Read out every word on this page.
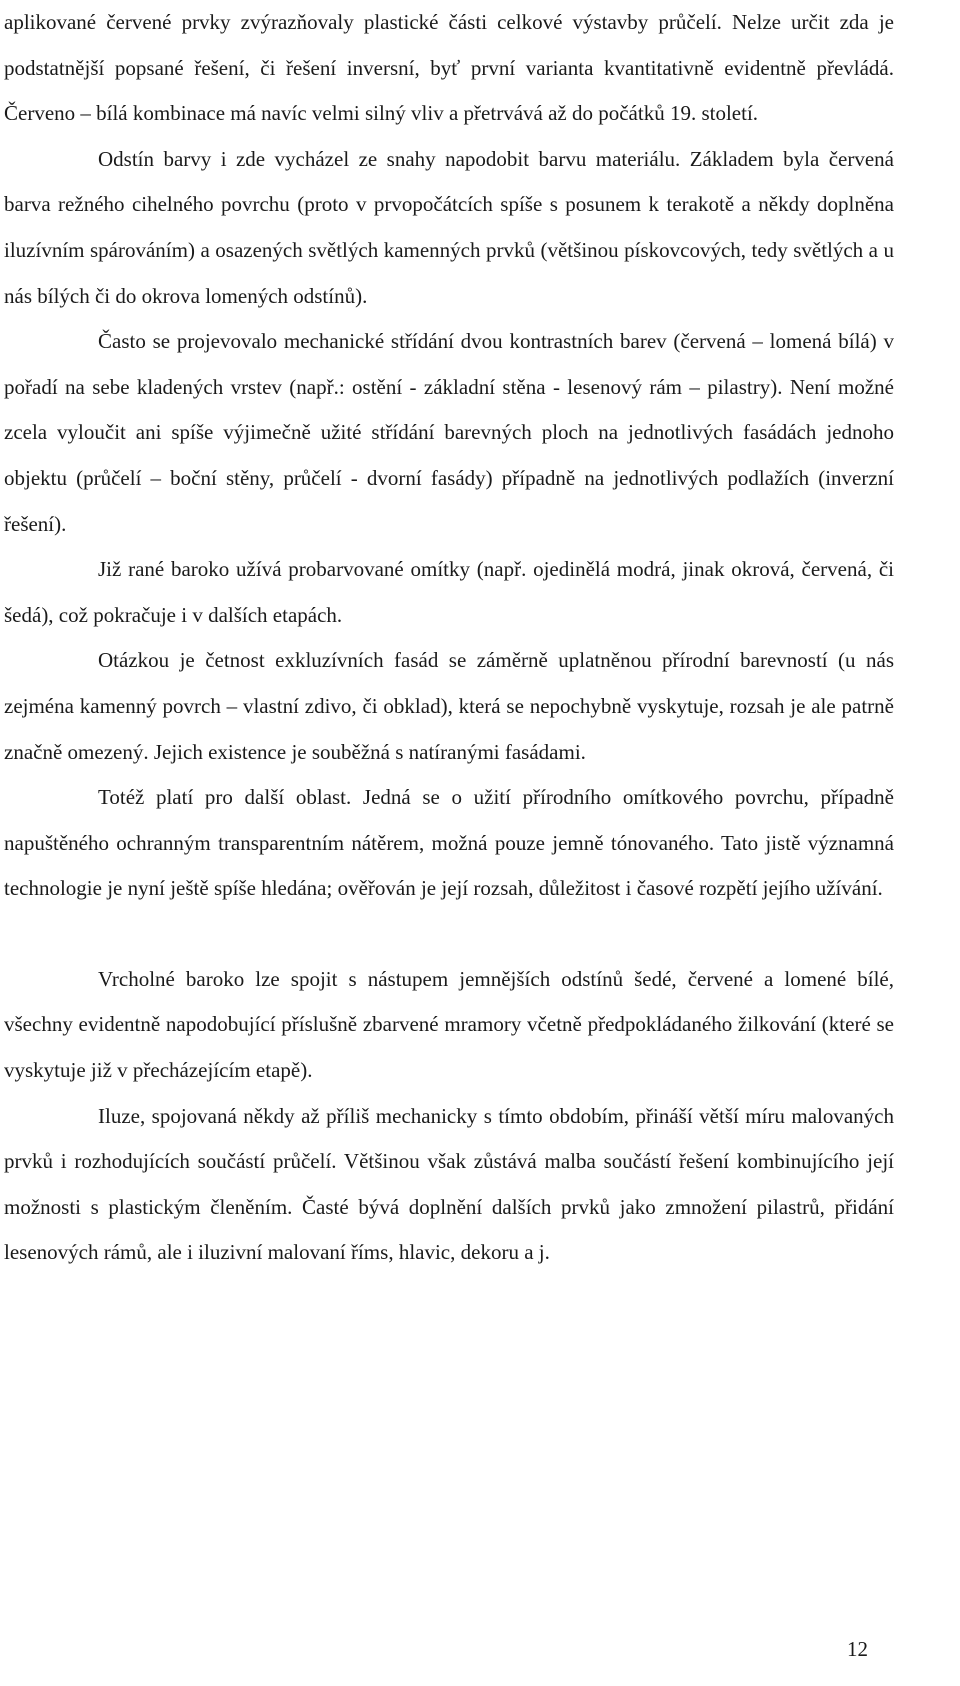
aplikované červené prvky zvýrazňovaly plastické části celkové výstavby průčelí. Nelze určit zda je podstatnější popsané řešení, či řešení inversní, byť první varianta kvantitativně evidentně převládá. Červeno – bílá kombinace má navíc velmi silný vliv a přetrvává až do počátků 19. století.

Odstín barvy i zde vycházel ze snahy napodobit barvu materiálu. Základem byla červená barva režného cihelného povrchu (proto v prvopočátcích spíše s posunem k terakotě a někdy doplněna iluzívním spárováním) a osazených světlých kamenných prvků (většinou pískovcových, tedy světlých a u nás bílých či do okrova lomených odstínů).

Často se projevovalo mechanické střídání dvou kontrastních barev (červená – lomená bílá) v pořadí na sebe kladených vrstev (např.: ostění - základní stěna - lesenový rám – pilastry). Není možné zcela vyloučit ani spíše výjimečně užité střídání barevných ploch na jednotlivých fasádách jednoho objektu (průčelí – boční stěny, průčelí - dvorní fasády) případně na jednotlivých podlažích (inverzní řešení).

Již rané baroko užívá probarvované omítky (např. ojedinělá modrá, jinak okrová, červená, či šedá), což pokračuje i v dalších etapách.

Otázkou je četnost exkluzívních fasád se záměrně uplatněnou přírodní barevností (u nás zejména kamenný povrch – vlastní zdivo, či obklad), která se nepochybně vyskytuje, rozsah je ale patrně značně omezený. Jejich existence je souběžná s natíranými fasádami.

Totéž platí pro další oblast. Jedná se o užití přírodního omítkového povrchu, případně napuštěného ochranným transparentním nátěrem, možná pouze jemně tónovaného. Tato jistě významná technologie je nyní ještě spíše hledána; ověřován je její rozsah, důležitost i časové rozpětí jejího užívání.

Vrcholné baroko lze spojit s nástupem jemnějších odstínů šedé, červené a lomené bílé, všechny evidentně napodobující příslušně zbarvené mramory včetně předpokládaného žilkování (které se vyskytuje již v přecházejícím etapě).

Iluze, spojovaná někdy až příliš mechanicky s tímto obdobím, přináší větší míru malovaných prvků i rozhodujících součástí průčelí. Většinou však zůstává malba součástí řešení kombinujícího její možnosti s plastickým členěním. Časté bývá doplnění dalších prvků jako zmnožení pilastrů, přidání lesenových rámů, ale i iluzivní malovaní říms, hlavic, dekoru a j.

12
